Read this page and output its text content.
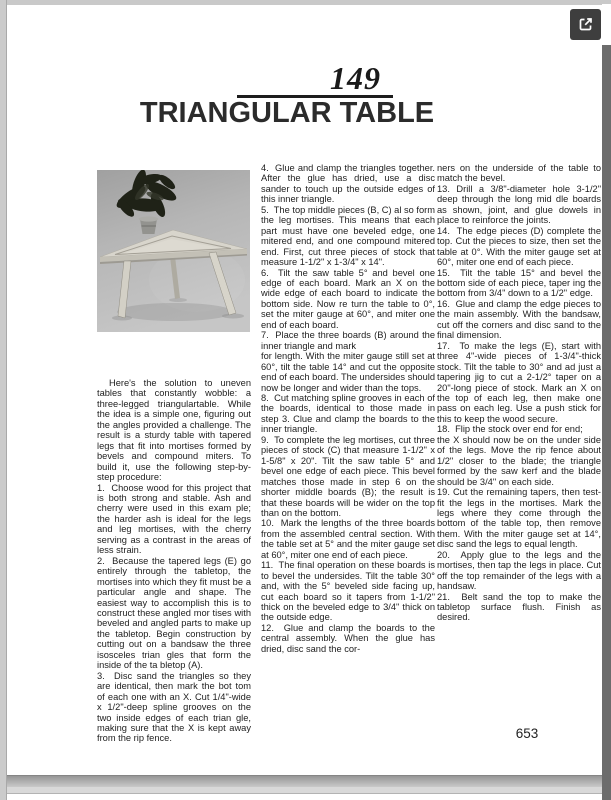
149
TRIANGULAR TABLE

Here's the solution to uneven tables that constantly wobble: a three-legged triangulartable. While the idea is a simple one, figuring out the angles provided a challenge. The result is a sturdy table with tapered legs that fit into mortises formed by bevels and compound miters. To build it, use the following step-by-step procedure:

1.  Choose wood for this project that is both strong and stable. Ash and cherry were used in this exam ple; the harder ash is ideal for the legs and leg mortises, with the cherry serving as a contrast in the areas of less strain.

2.  Because the tapered legs (E) go entirely through the tabletop, the mortises into which they fit must be a particular angle and shape. The easiest way to accomplish this is to construct these angled mor tises with beveled and angled parts to make up the tabletop. Begin construction by cutting out on a bandsaw the three isosceles trian gles that form the inside of the ta bletop (A).

3.  Disc sand the triangles so they are identical, then mark the bot tom of each one with an X. Cut 1/4"-wide x 1/2"-deep spline grooves on the two inside edges of each trian gle, making sure that the X is kept away from the rip fence.

4.  Glue and clamp the triangles together. After the glue has dried, use a disc sander to touch up the outside edges of this inner triangle.

5.  The top middle pieces (B, C) al so form the leg mortises. This means that each part must have one beveled edge, one mitered end, and one compound mitered end. First, cut three pieces of stock that measure 1-1/2" x 1-3/4" x 14".

6.  Tilt the saw table 5° and bevel one edge of each board. Mark an X on the wide edge of each board to indicate the bottom side. Now re turn the table to 0°, set the miter gauge at 60°, and miter one end of each board.

7.  Place the three boards (B) around the inner triangle and mark

for length. With the miter gauge still set at 60°, tilt the table 14° and cut the opposite end of each board. The undersides should now be longer and wider than the tops.

8.  Cut matching spline grooves in each of the boards, identical to those made in step 3. Clue and clamp the boards to the inner triangle.

9.  To complete the leg mortises, cut three pieces of stock (C) that measure 1-1/2" x 1-5/8" x 20". Tilt the saw table 5° and bevel one edge of each piece. This bevel matches those made in step 6 on the shorter middle boards (B); the result is that these boards will be wider on the top than on the bottom.

10.  Mark the lengths of the three boards from the assembled central section. With the table set at 5° and the miter gauge set at 60°, miter one end of each piece.

11.  The final operation on these boards is to bevel the undersides. Tilt the table 30° and, with the 5° beveled side facing up, cut each board so it tapers from 1-1/2" thick on the beveled edge to 3/4" thick on the outside edge.

12.  Glue and clamp the boards to the central assembly. When the glue has dried, disc sand the cor-

ners on the underside of the table to match the bevel.

13. Drill a 3/8"-diameter hole 3-1/2" deep through the long mid dle boards as shown, joint, and glue dowels in place to reinforce the joints.

14.  The edge pieces (D) complete the top. Cut the pieces to size, then set the table at 0°. With the miter gauge set at 60°, miter one end of each piece.

15.  Tilt the table 15° and bevel the bottom side of each piece, taper ing the bottom from 3/4" down to a 1/2" edge.

16.  Glue and clamp the edge pieces to the main assembly. With the bandsaw, cut off the corners and disc sand to the final dimension.

17.  To make the legs (E), start with three 4"-wide pieces of 1-3/4"-thick stock. Tilt the table to 30° and ad just a tapering jig to cut a 2-1/2° taper on a 20"-long piece of stock. Mark an X on the top of each leg, then make one pass on each leg. Use a push stick for this to keep the wood secure.

18.  Flip the stock over end for end;

the X should now be on the under side of the legs. Move the rip fence about 1/2" closer to the blade; the triangle formed by the saw kerf and the blade should be 3/4" on each side.

19. Cut the remaining tapers, then test-fit the legs in the mortises. Mark the legs where they come through the bottom of the table top, then remove them. With the miter gauge set at 14°, disc sand the legs to equal length.

20.  Apply glue to the legs and the mortises, then tap the legs in place. Cut off the top remainder of the legs with a handsaw.

21.  Belt sand the top to make the tabletop surface flush. Finish as desired.

653
